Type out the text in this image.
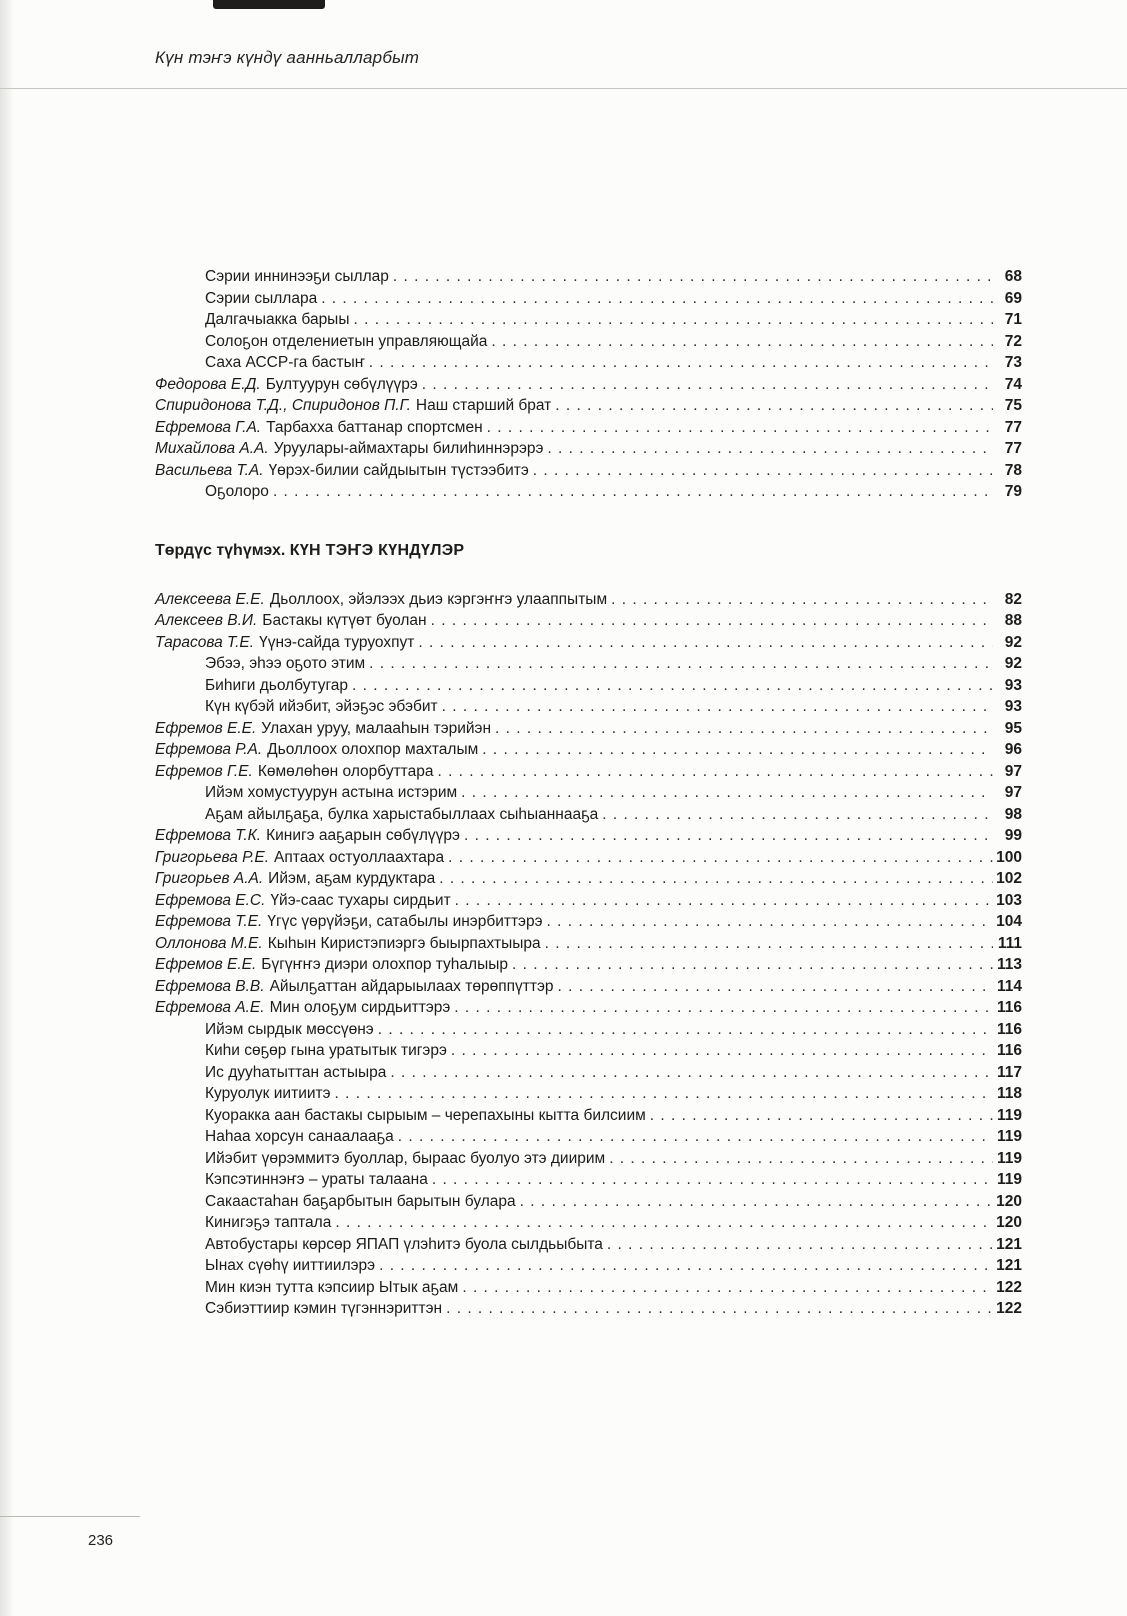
Күн тэҥэ күндү аанньалларбыт
Сэрии иннинээҕи сыллар . . .	68
Сэрии сыллара . . .	69
Далгачыакка барыы . . .	71
Солоҕон отделениетын управляющайа . . .	72
Саха АССР-га бастыҥ . . .	73
Федорова Е.Д. Бултуурун сөбүлүүрэ . . .	74
Спиридонова Т.Д., Спиридонов П.Г. Наш старший брат . . .	75
Ефремова Г.А. Тарбахха баттанар спортсмен . . .	77
Михайлова А.А. Уруулары-аймахтары билиһиннэрэрэ . . .	77
Васильева Т.А. Үөрэх-билии сайдыытын түстээбитэ . . .	78
Оҕолоро . . .	79
Төрдүс түһүмэх. КҮН ТЭҤЭ КҮНДҮЛЭР
Алексеева Е.Е. Дьоллоох, эйэлээх дьиэ кэргэҥҥэ улааппытым . . .	82
Алексеев В.И. Бастакы күтүөт буолан . . .	88
Тарасова Т.Е. Үүнэ-сайда туруохпут . . .	92
Эбээ, эһээ оҕото этим . . .	92
Биһиги дьолбутугар . . .	93
Күн күбэй ийэбит, эйэҕэс эбэбит . . .	93
Ефремов Е.Е. Улахан уруу, малааһын тэрийэн . . .	95
Ефремова Р.А. Дьоллоох олохпор махталым . . .	96
Ефремов Г.Е. Көмөлөһөн олорбуттара . . .	97
Ийэм хомустуурун астына истэрим . . .	97
Аҕам айылҕаҕа, булка харыстабыллаах сыһыаннааҕа . . .	98
Ефремова Т.К. Кинигэ ааҕарын сөбүлүүрэ . . .	99
Григорьева Р.Е. Аптаах остуоллаахтара . . .	100
Григорьев А.А. Ийэм, аҕам курдуктара . . .	102
Ефремова Е.С. Үйэ-саас тухары сирдьит . . .	103
Ефремова Т.Е. Үгүс үөрүйэҕи, сатабылы инэрбиттэрэ . . .	104
Оллонова М.Е. Кыһын Киристэпиэргэ быырпахтыыра . . .	111
Ефремов Е.Е. Бүгүҥҥэ диэри олохпор туһалыыр . . .	113
Ефремова В.В. Айылҕаттан айдарыылаах төрөппүттэр . . .	114
Ефремова А.Е. Мин олоҕум сирдьиттэрэ . . .	116
Ийэм сырдык мөссүөнэ . . .	116
Киһи сөҕөр гына уратытык тигэрэ . . .	116
Ис дууһатыттан астыыра . . .	117
Куруолук иитиитэ . . .	118
Куоракка аан бастакы сырыым – черепахыны кытта билсиим . . .	119
Наһаа хорсун санаалааҕа . . .	119
Ийэбит үөрэммитэ буоллар, быраас буолуо этэ диирим . . .	119
Кэпсэтиннэҥэ – ураты талаана . . .	119
Сакаастаһан баҕарбытын барытын булара . . .	120
Кинигэҕэ таптала . . .	120
Автобустары көрсөр ЯПАП үлэһитэ буола сылдьыбыта . . .	121
Ынах сүөһү ииттиилэрэ . . .	121
Мин киэн тутта кэпсиир Ытык аҕам . . .	122
Сэбиэттиир кэмин түгэннэриттэн . . .	122
236
